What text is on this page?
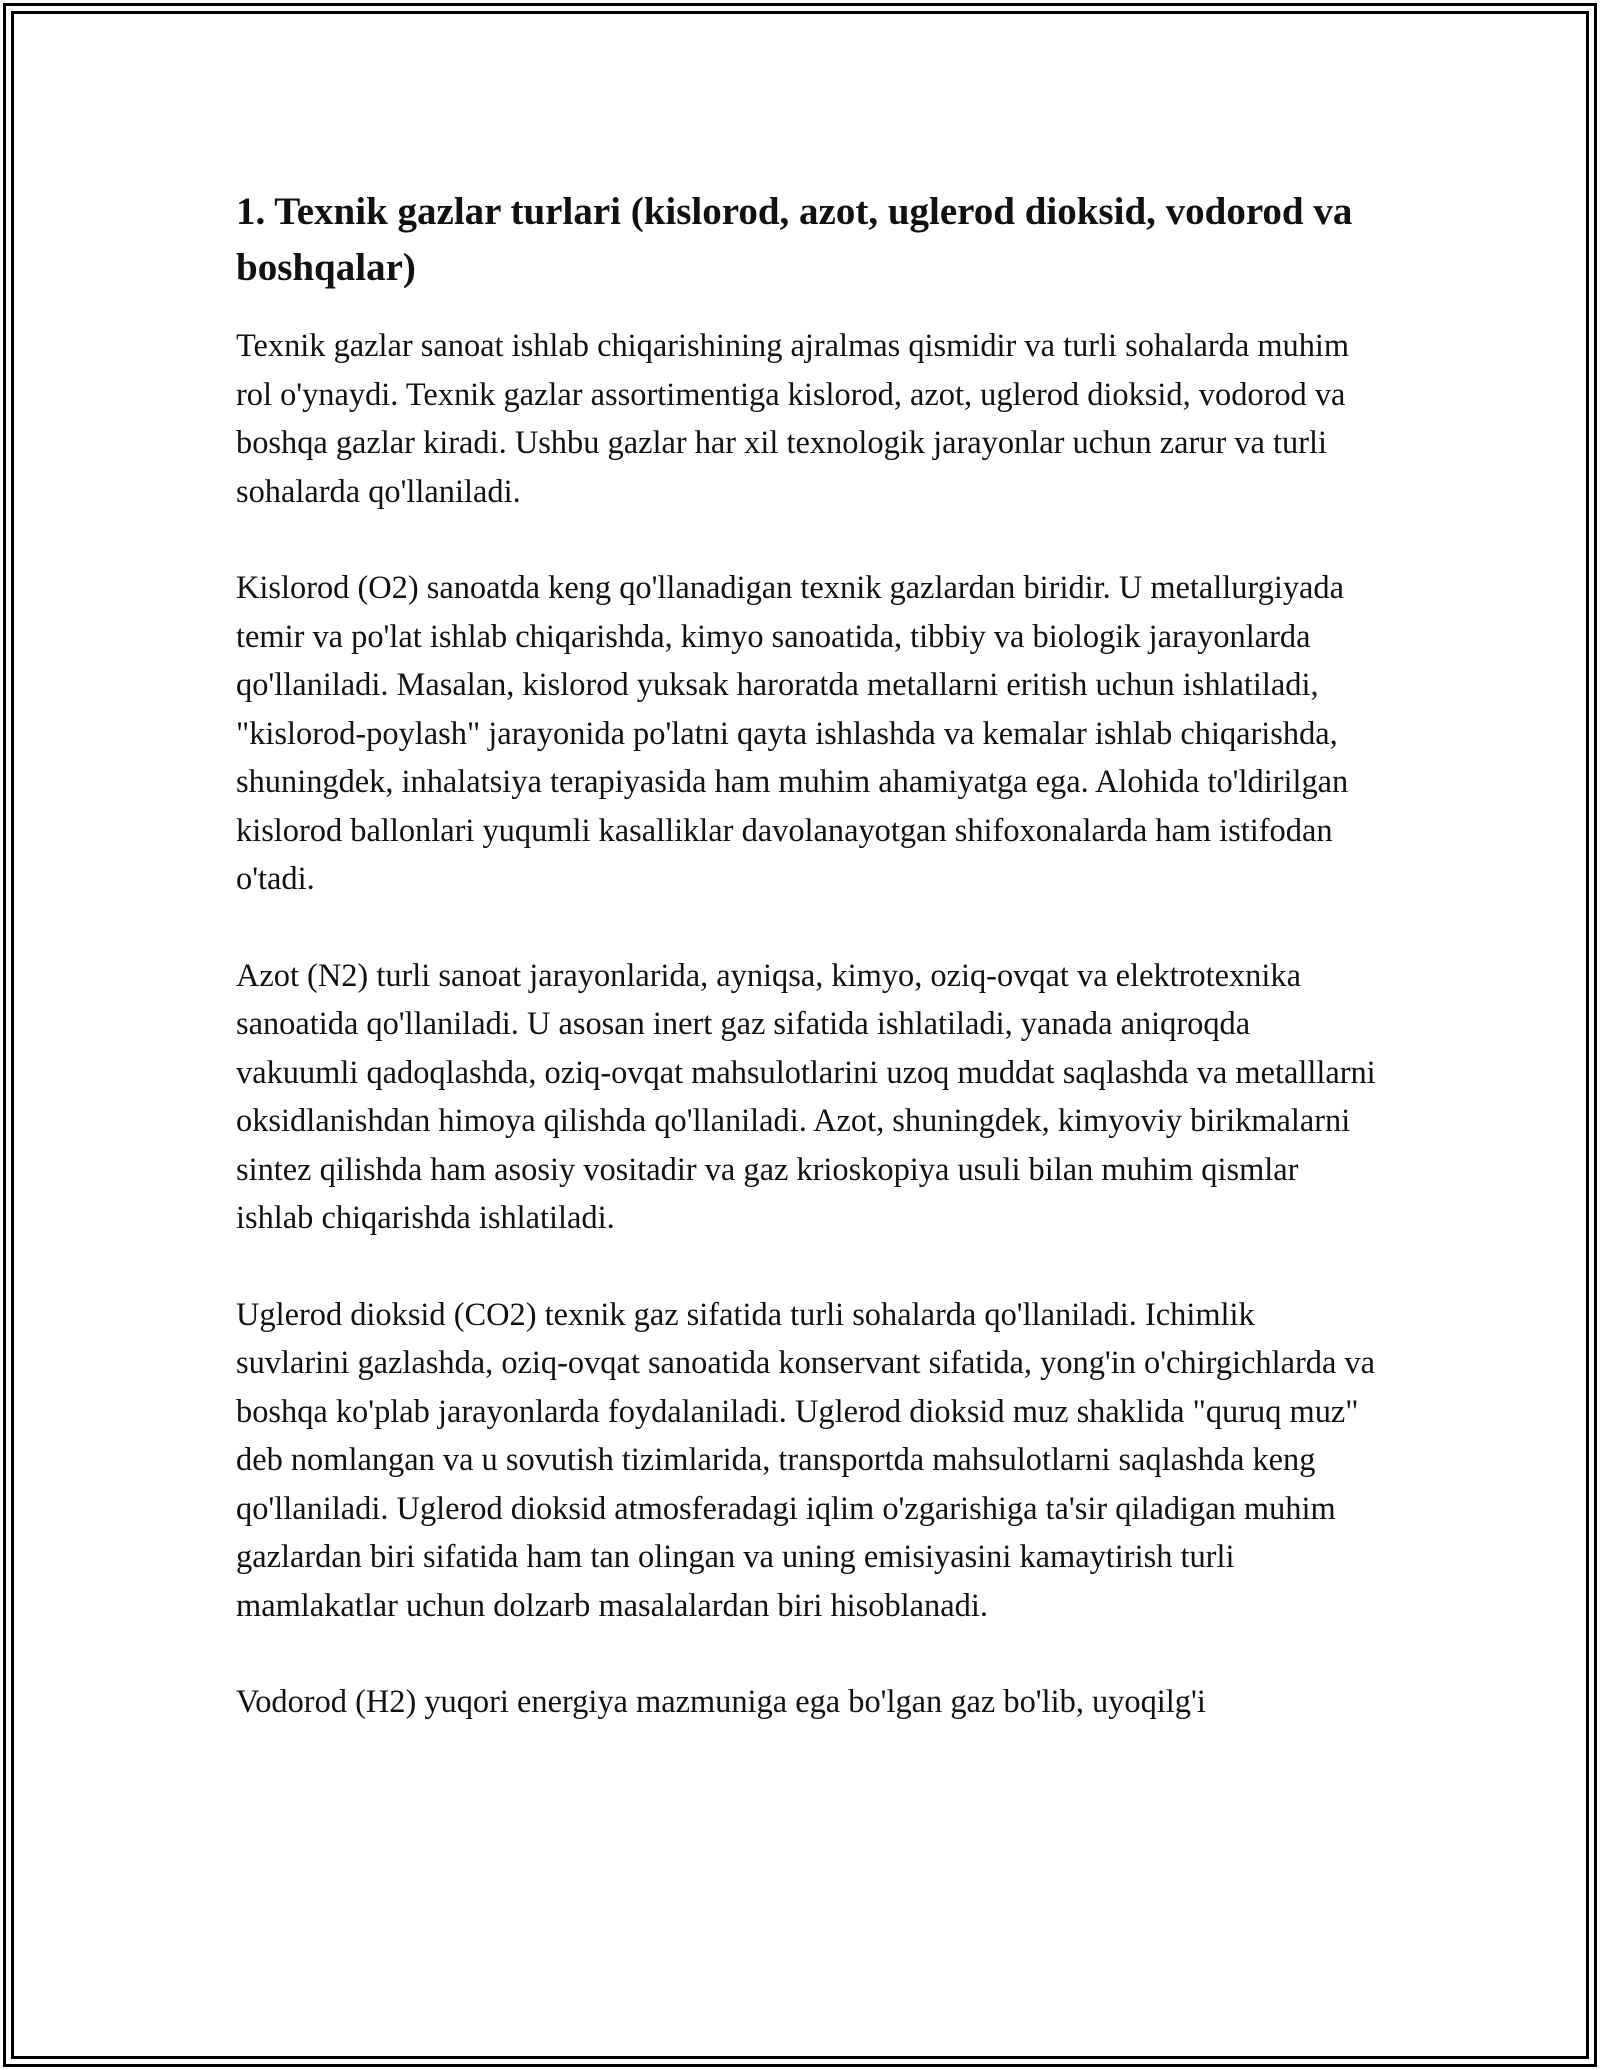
1. Texnik gazlar turlari (kislorod, azot, uglerod dioksid, vodorod va boshqalar)

Texnik gazlar sanoat ishlab chiqarishining ajralmas qismidir va turli sohalarda muhim rol o'ynaydi. Texnik gazlar assortimentiga kislorod, azot, uglerod dioksid, vodorod va boshqa gazlar kiradi. Ushbu gazlar har xil texnologik jarayonlar uchun zarur va turli sohalarda qo'llaniladi.

Kislorod (O2) sanoatda keng qo'llanadigan texnik gazlardan biridir. U metallurgiyada temir va po'lat ishlab chiqarishda, kimyo sanoatida, tibbiy va biologik jarayonlarda qo'llaniladi. Masalan, kislorod yuksak haroratda metallarni eritish uchun ishlatiladi, "kislorod-poylash" jarayonida po'latni qayta ishlashda va kemalar ishlab chiqarishda, shuningdek, inhalatsiya terapiyasida ham muhim ahamiyatga ega. Alohida to'ldirilgan kislorod ballonlari yuqumli kasalliklar davolanayotgan shifoxonalarda ham istifodan o'tadi.

Azot (N2) turli sanoat jarayonlarida, ayniqsa, kimyo, oziq-ovqat va elektrotexnika sanoatida qo'llaniladi. U asosan inert gaz sifatida ishlatiladi, yanada aniqroqda vakuumli qadoqlashda, oziq-ovqat mahsulotlarini uzoq muddat saqlashda va metalllarni oksidlanishdan himoya qilishda qo'llaniladi. Azot, shuningdek, kimyoviy birikmalarni sintez qilishda ham asosiy vositadir va gaz krioskopiya usuli bilan muhim qismlar ishlab chiqarishda ishlatiladi.

Uglerod dioksid (CO2) texnik gaz sifatida turli sohalarda qo'llaniladi. Ichimlik suvlarini gazlashda, oziq-ovqat sanoatida konservant sifatida, yong'in o'chirgichlarda va boshqa ko'plab jarayonlarda foydalaniladi. Uglerod dioksid muz shaklida "quruq muz" deb nomlangan va u sovutish tizimlarida, transportda mahsulotlarni saqlashda keng qo'llaniladi. Uglerod dioksid atmosferadagi iqlim o'zgarishiga ta'sir qiladigan muhim gazlardan biri sifatida ham tan olingan va uning emisiyasini kamaytirish turli mamlakatlar uchun dolzarb masalalardan biri hisoblanadi.

Vodorod (H2) yuqori energiya mazmuniga ega bo'lgan gaz bo'lib, uyoqilg'i
